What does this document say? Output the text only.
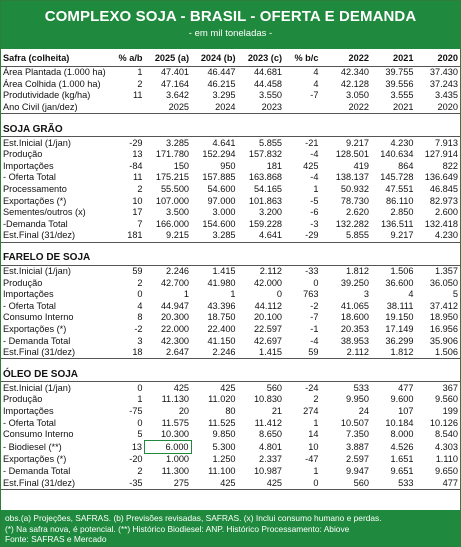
COMPLEXO SOJA - BRASIL - OFERTA E DEMANDA
- em mil toneladas -
Safra (colheita)	% a/b	2025 (a)	2024 (b)	2023 (c)	% b/c	2022	2021	2020
Área Plantada (1.000 ha)	1	47.401	46.447	44.681	4	42.340	39.755	37.430
Área Colhida (1.000 ha)	2	47.164	46.215	44.458	4	42.128	39.556	37.243
Produtividade (kg/ha)	11	3.642	3.295	3.550	-7	3.050	3.555	3.435
Ano Civil (jan/dez)		2025	2024	2023		2022	2021	2020

SOJA GRÃO								
Est.Inicial (1/jan)	-29	3.285	4.641	5.855	-21	9.217	4.230	7.913
Produção	13	171.780	152.294	157.832	-4	128.501	140.634	127.914
Importações	-84	150	950	181	425	419	864	822
- Oferta Total	11	175.215	157.885	163.868	-4	138.137	145.728	136.649
Processamento	2	55.500	54.600	54.165	1	50.932	47.551	46.845
Exportações (*)	10	107.000	97.000	101.863	-5	78.730	86.110	82.973
Sementes/outros (x)	17	3.500	3.000	3.200	-6	2.620	2.850	2.600
-Demanda Total	7	166.000	154.600	159.228	-3	132.282	136.511	132.418
Est.Final (31/dez)	181	9.215	3.285	4.641	-29	5.855	9.217	4.230

FARELO DE SOJA								
Est.Inicial (1/jan)	59	2.246	1.415	2.112	-33	1.812	1.506	1.357
Produção	2	42.700	41.980	42.000	0	39.250	36.600	36.050
Importações	0	1	1	0	763	3	4	5
- Oferta Total	4	44.947	43.396	44.112	-2	41.065	38.111	37.412
Consumo Interno	8	20.300	18.750	20.100	-7	18.600	19.150	18.950
Exportações (*)	-2	22.000	22.400	22.597	-1	20.353	17.149	16.956
- Demanda Total	3	42.300	41.150	42.697	-4	38.953	36.299	35.906
Est.Final (31/dez)	18	2.647	2.246	1.415	59	2.112	1.812	1.506

ÓLEO DE SOJA								
Est.Inicial (1/jan)	0	425	425	560	-24	533	477	367
Produção	1	11.130	11.020	10.830	2	9.950	9.600	9.560
Importações	-75	20	80	21	274	24	107	199
- Oferta Total	0	11.575	11.525	11.412	1	10.507	10.184	10.126
Consumo Interno	5	10.300	9.850	8.650	14	7.350	8.000	8.540
- Biodiesel (**)	13	6.000	5.300	4.801	10	3.887	4.526	4.303
Exportações (*)	-20	1.000	1.250	2.337	-47	2.597	1.651	1.110
- Demanda Total	2	11.300	11.100	10.987	1	9.947	9.651	9.650
Est.Final (31/dez)	-35	275	425	425	0	560	533	477
obs.(a) Projeções, SAFRAS. (b) Previsões revisadas, SAFRAS. (x) Inclui consumo humano e perdas.
(*) Na safra nova, é potencial. (**) Histórico Biodiesel: ANP. Histórico Processamento: Abiove
Fonte: SAFRAS e Mercado
